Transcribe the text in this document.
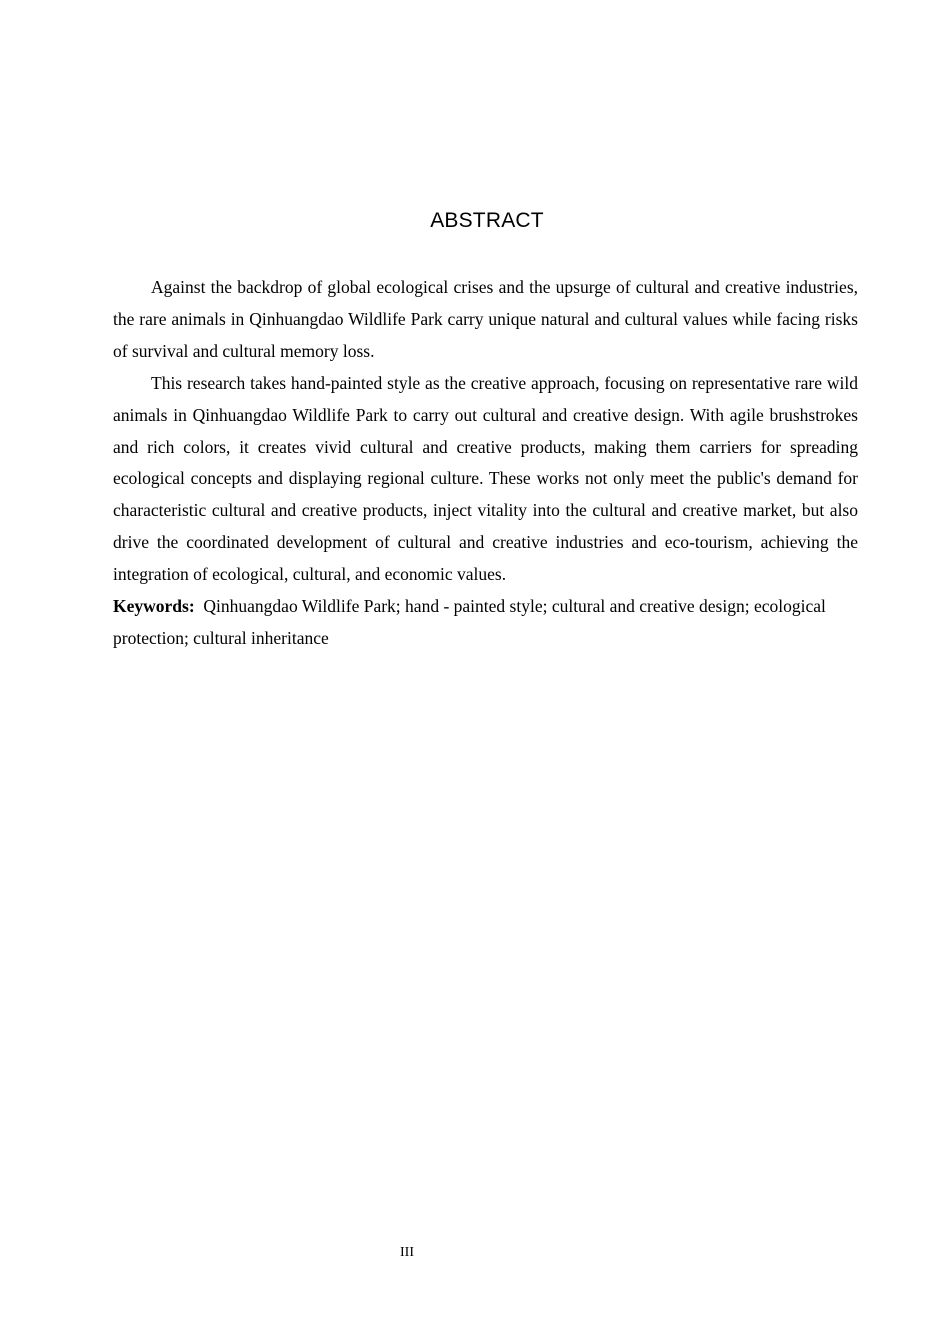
ABSTRACT

Against the backdrop of global ecological crises and the upsurge of cultural and creative industries, the rare animals in Qinhuangdao Wildlife Park carry unique natural and cultural values while facing risks of survival and cultural memory loss.

This research takes hand-painted style as the creative approach, focusing on representative rare wild animals in Qinhuangdao Wildlife Park to carry out cultural and creative design. With agile brushstrokes and rich colors, it creates vivid cultural and creative products, making them carriers for spreading ecological concepts and displaying regional culture. These works not only meet the public's demand for characteristic cultural and creative products, inject vitality into the cultural and creative market, but also drive the coordinated development of cultural and creative industries and eco-tourism, achieving the integration of ecological, cultural, and economic values.

Keywords: Qinhuangdao Wildlife Park; hand - painted style; cultural and creative design; ecological protection; cultural inheritance

III
